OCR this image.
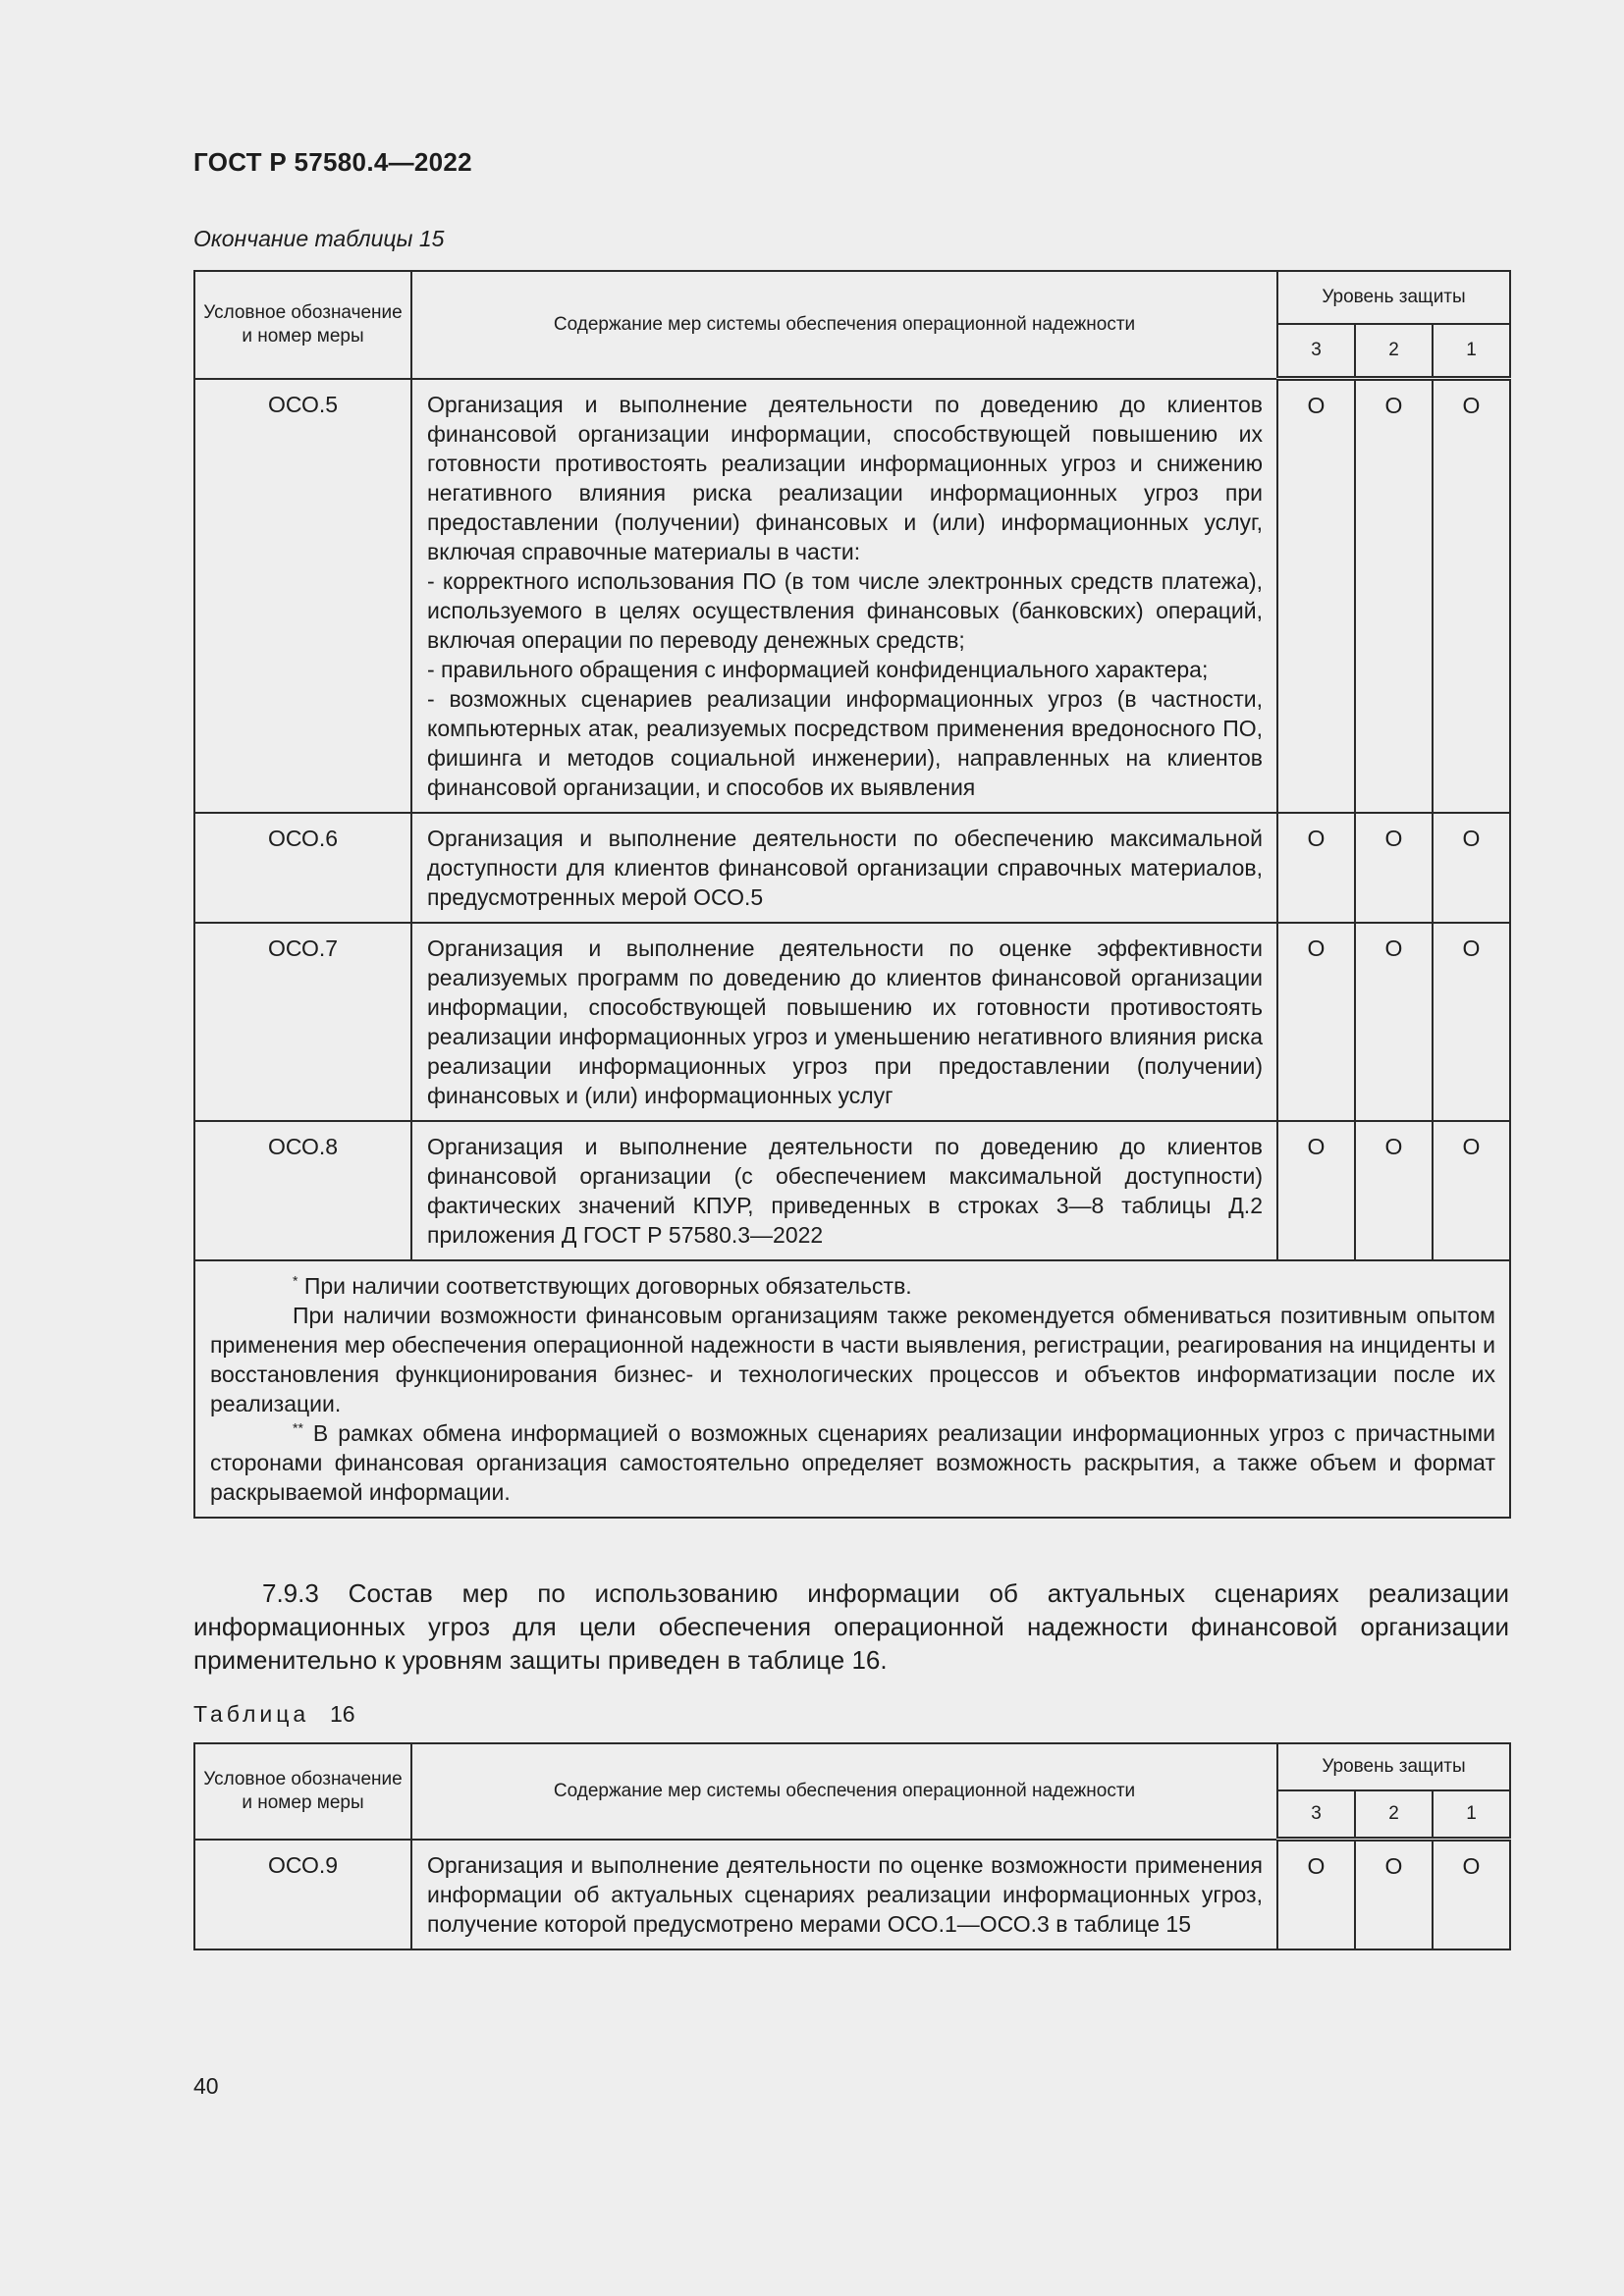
ГОСТ Р 57580.4—2022
Окончание таблицы 15
Условное обозначение и номер меры	Содержание мер системы обеспечения операционной надежности	Уровень защиты		
		3	2	1
ОСО.5	Организация и выполнение деятельности по доведению до клиентов финансовой организации информации, способствующей повышению их готовности противостоять реализации информационных угроз и снижению негативного влияния риска реализации информационных угроз при предоставлении (получении) финансовых и (или) информационных услуг, включая справочные материалы в части:
- корректного использования ПО (в том числе электронных средств платежа), используемого в целях осуществления финансовых (банковских) операций, включая операции по переводу денежных средств;
- правильного обращения с информацией конфиденциального характера;
- возможных сценариев реализации информационных угроз (в частности, компьютерных атак, реализуемых посредством применения вредоносного ПО, фишинга и методов социальной инженерии), направленных на клиентов финансовой организации, и способов их выявления	О	О	О
ОСО.6	Организация и выполнение деятельности по обеспечению максимальной доступности для клиентов финансовой организации справочных материалов, предусмотренных мерой ОСО.5	О	О	О
ОСО.7	Организация и выполнение деятельности по оценке эффективности реализуемых программ по доведению до клиентов финансовой организации информации, способствующей повышению их готовности противостоять реализации информационных угроз и уменьшению негативного влияния риска реализации информационных угроз при предоставлении (получении) финансовых и (или) информационных услуг	О	О	О
ОСО.8	Организация и выполнение деятельности по доведению до клиентов финансовой организации (с обеспечением максимальной доступности) фактических значений КПУР, приведенных в строках 3—8 таблицы Д.2 приложения Д ГОСТ Р 57580.3—2022	О	О	О

* При наличии соответствующих договорных обязательств.

При наличии возможности финансовым организациям также рекомендуется обмениваться позитивным опытом применения мер обеспечения операционной надежности в части выявления, регистрации, реагирования на инциденты и восстановления функционирования бизнес- и технологических процессов и объектов информатизации после их реализации.

** В рамках обмена информацией о возможных сценариях реализации информационных угроз с причастными сторонами финансовая организация самостоятельно определяет возможность раскрытия, а также объем и формат раскрываемой информации.				

7.9.3 Состав мер по использованию информации об актуальных сценариях реализации информационных угроз для цели обеспечения операционной надежности финансовой организации применительно к уровням защиты приведен в таблице 16.
Таблица 16
Условное обозначение и номер меры	Содержание мер системы обеспечения операционной надежности	Уровень защиты		
		3	2	1
ОСО.9	Организация и выполнение деятельности по оценке возможности применения информации об актуальных сценариях реализации информационных угроз, получение которой предусмотрено мерами ОСО.1—ОСО.3 в таблице 15	О	О	О
40
